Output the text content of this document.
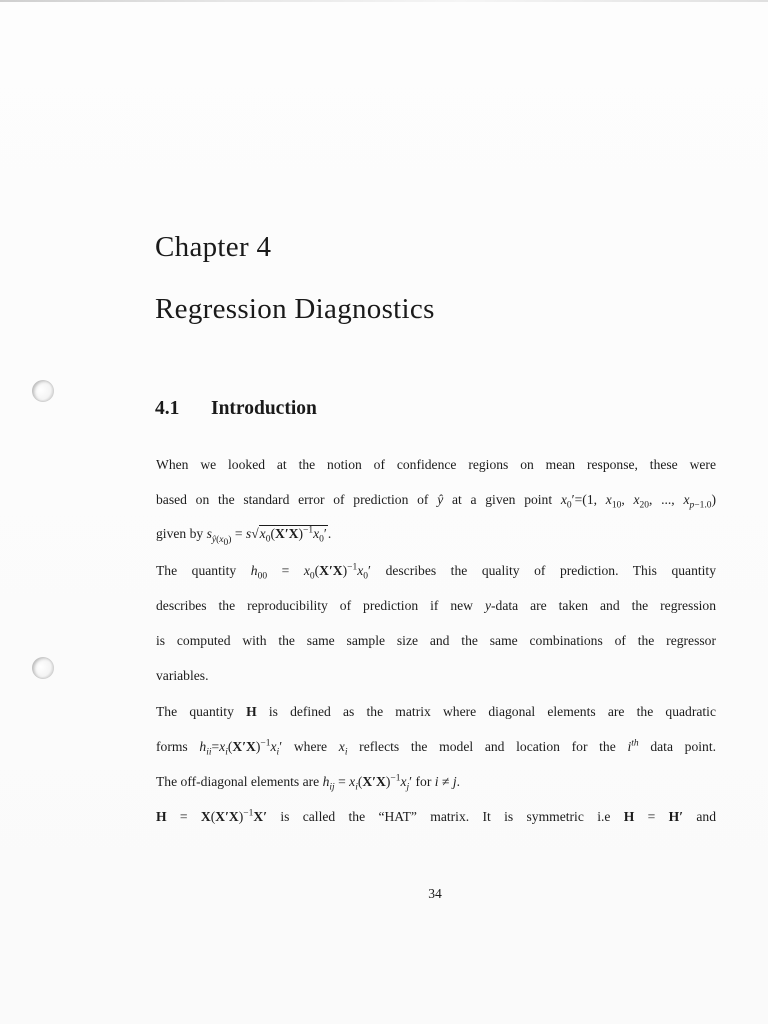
Chapter 4
Regression Diagnostics
4.1 Introduction
When we looked at the notion of confidence regions on mean response, these were
based on the standard error of prediction of ŷ at a given point $x_0'=(1$, $x_{10}$, $x_{20}$, ..., $x_{p-1.0}$)
given by $s_{ŷ(x_0)} = s√x_0(X'X)^{-1}x_0'$.
The quantity $h_{00} = x_0(X'X)^{-1}x_0'$ describes the quality of prediction. This quantity
describes the reproducibility of prediction if new y-data are taken and the regression
is computed with the same sample size and the same combinations of the regressor
variables.
The quantity H is defined as the matrix where diagonal elements are the quadratic
forms $h_{ii}=x_i(X'X)^{-1}x_i'$ where $x_i$ reflects the model and location for the $i^{th}$ data point.
The off-diagonal elements are $h_{ij} = x_i(X'X)^{-1}x_j'$ for i ≠ j.
$H = X(X'X)^{-1}X'$ is called the “HAT” matrix. It is symmetric i.e H = H′ and
34
